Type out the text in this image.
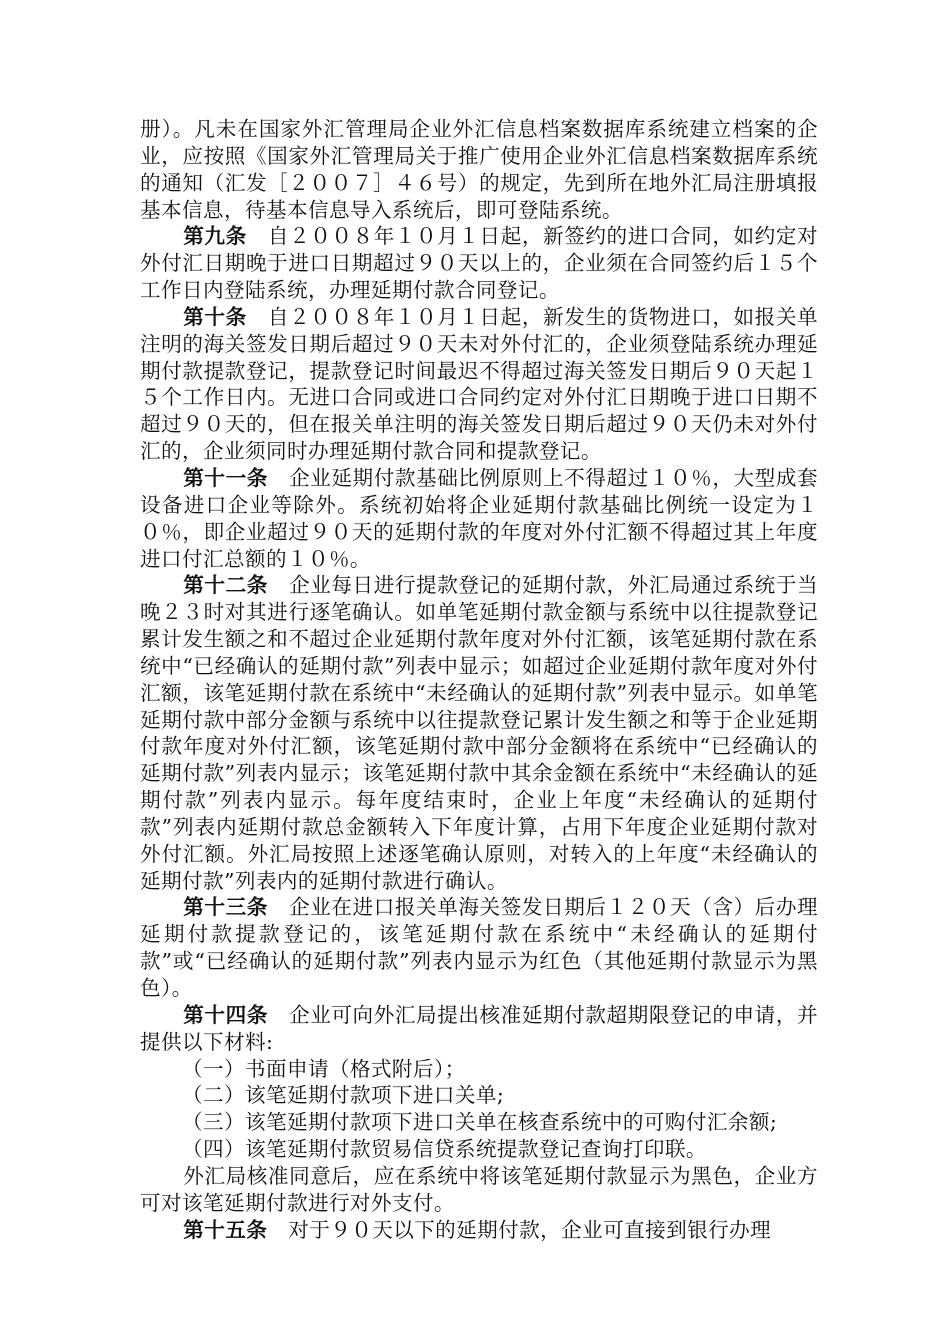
册）。凡未在国家外汇管理局企业外汇信息档案数据库系统建立档案的企业，应按照《国家外汇管理局关于推广使用企业外汇信息档案数据库系统的通知（汇发［２００７］４６号）的规定，先到所在地外汇局注册填报基本信息，待基本信息导入系统后，即可登陆系统。

第九条　自２００８年１０月１日起，新签约的进口合同，如约定对外付汇日期晚于进口日期超过９０天以上的，企业须在合同签约后１５个工作日内登陆系统，办理延期付款合同登记。

第十条　自２００８年１０月１日起，新发生的货物进口，如报关单注明的海关签发日期后超过９０天未对外付汇的，企业须登陆系统办理延期付款提款登记，提款登记时间最迟不得超过海关签发日期后９０天起１５个工作日内。无进口合同或进口合同约定对外付汇日期晚于进口日期不超过９０天的，但在报关单注明的海关签发日期后超过９０天仍未对外付汇的，企业须同时办理延期付款合同和提款登记。

第十一条　企业延期付款基础比例原则上不得超过１０％，大型成套设备进口企业等除外。系统初始将企业延期付款基础比例统一设定为１０％，即企业超过９０天的延期付款的年度对外付汇额不得超过其上年度进口付汇总额的１０％。

第十二条　企业每日进行提款登记的延期付款，外汇局通过系统于当晚２３时对其进行逐笔确认。如单笔延期付款金额与系统中以往提款登记累计发生额之和不超过企业延期付款年度对外付汇额，该笔延期付款在系统中“已经确认的延期付款”列表中显示；如超过企业延期付款年度对外付汇额，该笔延期付款在系统中“未经确认的延期付款”列表中显示。如单笔延期付款中部分金额与系统中以往提款登记累计发生额之和等于企业延期付款年度对外付汇额，该笔延期付款中部分金额将在系统中“已经确认的延期付款”列表内显示；该笔延期付款中其余金额在系统中“未经确认的延期付款”列表内显示。每年度结束时，企业上年度“未经确认的延期付款”列表内延期付款总金额转入下年度计算，占用下年度企业延期付款对外付汇额。外汇局按照上述逐笔确认原则，对转入的上年度“未经确认的延期付款”列表内的延期付款进行确认。

第十三条　企业在进口报关单海关签发日期后１２０天（含）后办理延期付款提款登记的，该笔延期付款在系统中“未经确认的延期付款”或“已经确认的延期付款”列表内显示为红色（其他延期付款显示为黑色）。

第十四条　企业可向外汇局提出核准延期付款超期限登记的申请，并提供以下材料:

（一）书面申请（格式附后）；

（二）该笔延期付款项下进口关单;

（三）该笔延期付款项下进口关单在核查系统中的可购付汇余额;

（四）该笔延期付款贸易信贷系统提款登记查询打印联。

外汇局核准同意后，应在系统中将该笔延期付款显示为黑色，企业方可对该笔延期付款进行对外支付。

第十五条　对于９０天以下的延期付款，企业可直接到银行办理
